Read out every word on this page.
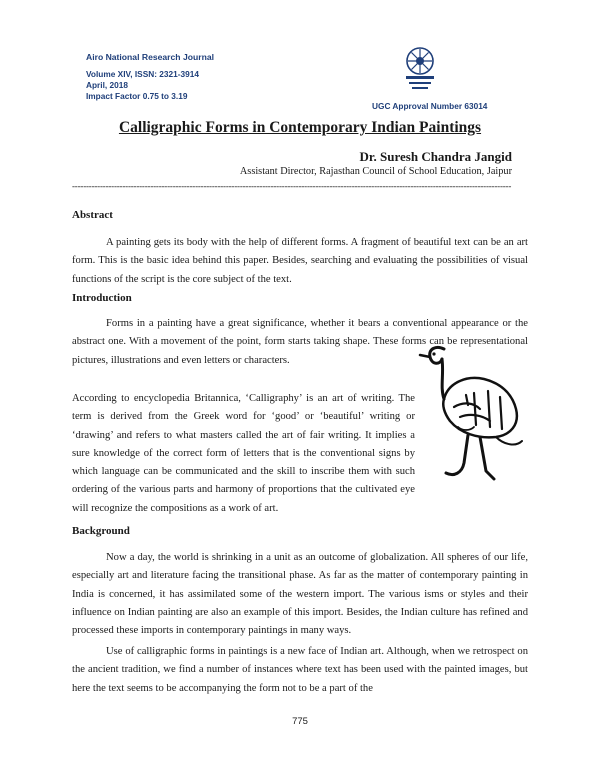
Airo National Research Journal
Volume XIV, ISSN: 2321-3914
April, 2018
Impact Factor 0.75 to 3.19
UGC Approval Number 63014
Calligraphic Forms in Contemporary Indian Paintings
Dr. Suresh Chandra Jangid
Assistant Director, Rajasthan Council of School Education, Jaipur
-------------------------------------------------------------------------------------------------------------------------------------------------------------
Abstract

A painting gets its body with the help of different forms. A fragment of beautiful text can be an art form. This is the basic idea behind this paper. Besides, searching and evaluating the possibilities of visual functions of the script is the core subject of the text.

Introduction

Forms in a painting have a great significance, whether it bears a conventional appearance or the abstract one. With a movement of the point, form starts taking shape. These forms can be representational pictures, illustrations and even letters or characters.

According to encyclopedia Britannica, ‘Calligraphy’ is an art of writing. The term is derived from the Greek word for ‘good’ or ‘beautiful’ writing or ‘drawing’ and refers to what masters called the art of fair writing. It implies a sure knowledge of the correct form of letters that is the conventional signs by which language can be communicated and the skill to inscribe them with such ordering of the various parts and harmony of proportions that the cultivated eye will recognize the compositions as a work of art.

Background

Now a day, the world is shrinking in a unit as an outcome of globalization. All spheres of our life, especially art and literature facing the transitional phase. As far as the matter of contemporary painting in India is concerned, it has assimilated some of the western import. The various isms or styles and their influence on Indian painting are also an example of this import. Besides, the Indian culture has refined and processed these imports in contemporary paintings in many ways.

Use of calligraphic forms in paintings is a new face of Indian art. Although, when we retrospect on the ancient tradition, we find a number of instances where text has been used with the painted images, but here the text seems to be accompanying the form not to be a part of the

775
